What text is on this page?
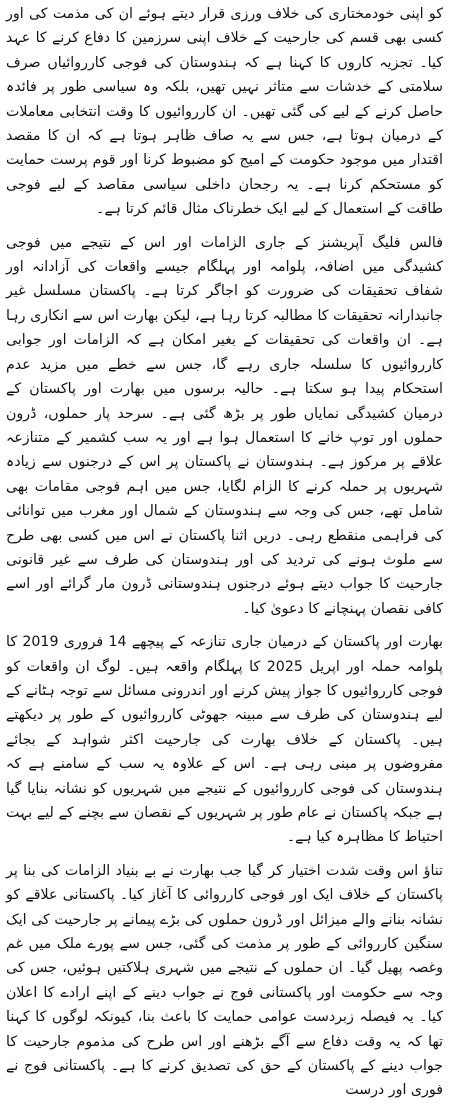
کو اپنی خودمختاری کی خلاف ورزی قرار دیتے ہوئے ان کی مذمت کی اور کسی بھی قسم کی جارحیت کے خلاف اپنی سرزمین کا دفاع کرنے کا عہد کیا۔ تجزیہ کاروں کا کہنا ہے کہ ہندوستان کی فوجی کارروائیاں صرف سلامتی کے خدشات سے متاثر نہیں تھیں، بلکہ وہ سیاسی طور پر فائدہ حاصل کرنے کے لیے کی گئی تھیں۔ ان کارروائیوں کا وقت انتخابی معاملات کے درمیان ہوتا ہے، جس سے یہ صاف ظاہر ہوتا ہے کہ ان کا مقصد اقتدار میں موجود حکومت کے امیج کو مضبوط کرنا اور قوم پرست حمایت کو مستحکم کرنا ہے۔ یہ رجحان داخلی سیاسی مقاصد کے لیے فوجی طاقت کے استعمال کے لیے ایک خطرناک مثال قائم کرتا ہے۔

فالس فلیگ آپریشنز کے جاری الزامات اور اس کے نتیجے میں فوجی کشیدگی میں اضافہ، پلوامہ اور پہلگام جیسے واقعات کی آزادانہ اور شفاف تحقیقات کی ضرورت کو اجاگر کرتا ہے۔ پاکستان مسلسل غیر جانبدارانہ تحقیقات کا مطالبہ کرتا رہا ہے، لیکن بھارت اس سے انکاری رہا ہے۔ ان واقعات کی تحقیقات کے بغیر امکان ہے کہ الزامات اور جوابی کارروائیوں کا سلسلہ جاری رہے گا، جس سے خطے میں مزید عدم استحکام پیدا ہو سکتا ہے۔ حالیہ برسوں میں بھارت اور پاکستان کے درمیان کشیدگی نمایاں طور پر بڑھ گئی ہے۔ سرحد پار حملوں، ڈرون حملوں اور توپ خانے کا استعمال ہوا ہے اور یہ سب کشمیر کے متنازعہ علاقے پر مرکوز ہے۔ ہندوستان نے پاکستان پر اس کے درجنوں سے زیادہ شہریوں پر حملہ کرنے کا الزام لگایا، جس میں اہم فوجی مقامات بھی شامل تھے، جس کی وجہ سے ہندوستان کے شمال اور مغرب میں توانائی کی فراہمی منقطع رہی۔ دریں اثنا پاکستان نے اس میں کسی بھی طرح سے ملوث ہونے کی تردید کی اور ہندوستان کی طرف سے غیر قانونی جارحیت کا جواب دیتے ہوئے درجنوں ہندوستانی ڈرون مار گرائے اور اسے کافی نقصان پہنچانے کا دعویٰ کیا۔

بھارت اور پاکستان کے درمیان جاری تنازعہ کے پیچھے 14 فروری 2019 کا پلوامہ حملہ اور اپریل 2025 کا پہلگام واقعہ ہیں۔ لوگ ان واقعات کو فوجی کارروائیوں کا جواز پیش کرنے اور اندرونی مسائل سے توجہ ہٹانے کے لیے ہندوستان کی طرف سے مبینہ جھوٹی کارروائیوں کے طور پر دیکھتے ہیں۔ پاکستان کے خلاف بھارت کی جارحیت اکثر شواہد کے بجائے مفروضوں پر مبنی رہی ہے۔ اس کے علاوہ یہ سب کے سامنے ہے کہ ہندوستان کی فوجی کارروائیوں کے نتیجے میں شہریوں کو نشانہ بنایا گیا ہے جبکہ پاکستان نے عام طور پر شہریوں کے نقصان سے بچنے کے لیے بہت احتیاط کا مظاہرہ کیا ہے۔

تناؤ اس وقت شدت اختیار کر گیا جب بھارت نے بے بنیاد الزامات کی بنا پر پاکستان کے خلاف ایک اور فوجی کارروائی کا آغاز کیا۔ پاکستانی علاقے کو نشانہ بنانے والے میزائل اور ڈرون حملوں کی بڑے پیمانے پر جارحیت کی ایک سنگین کارروائی کے طور پر مذمت کی گئی، جس سے پورے ملک میں غم وغصہ پھیل گیا۔ ان حملوں کے نتیجے میں شہری ہلاکتیں ہوئیں، جس کی وجہ سے حکومت اور پاکستانی فوج نے جواب دینے کے اپنے ارادے کا اعلان کیا۔ یہ فیصلہ زبردست عوامی حمایت کا باعث بنا، کیونکہ لوگوں کا کہنا تھا کہ یہ وقت دفاع سے آگے بڑھنے اور اس طرح کی مذموم جارحیت کا جواب دینے کے پاکستان کے حق کی تصدیق کرنے کا ہے۔ پاکستانی فوج نے فوری اور درست
